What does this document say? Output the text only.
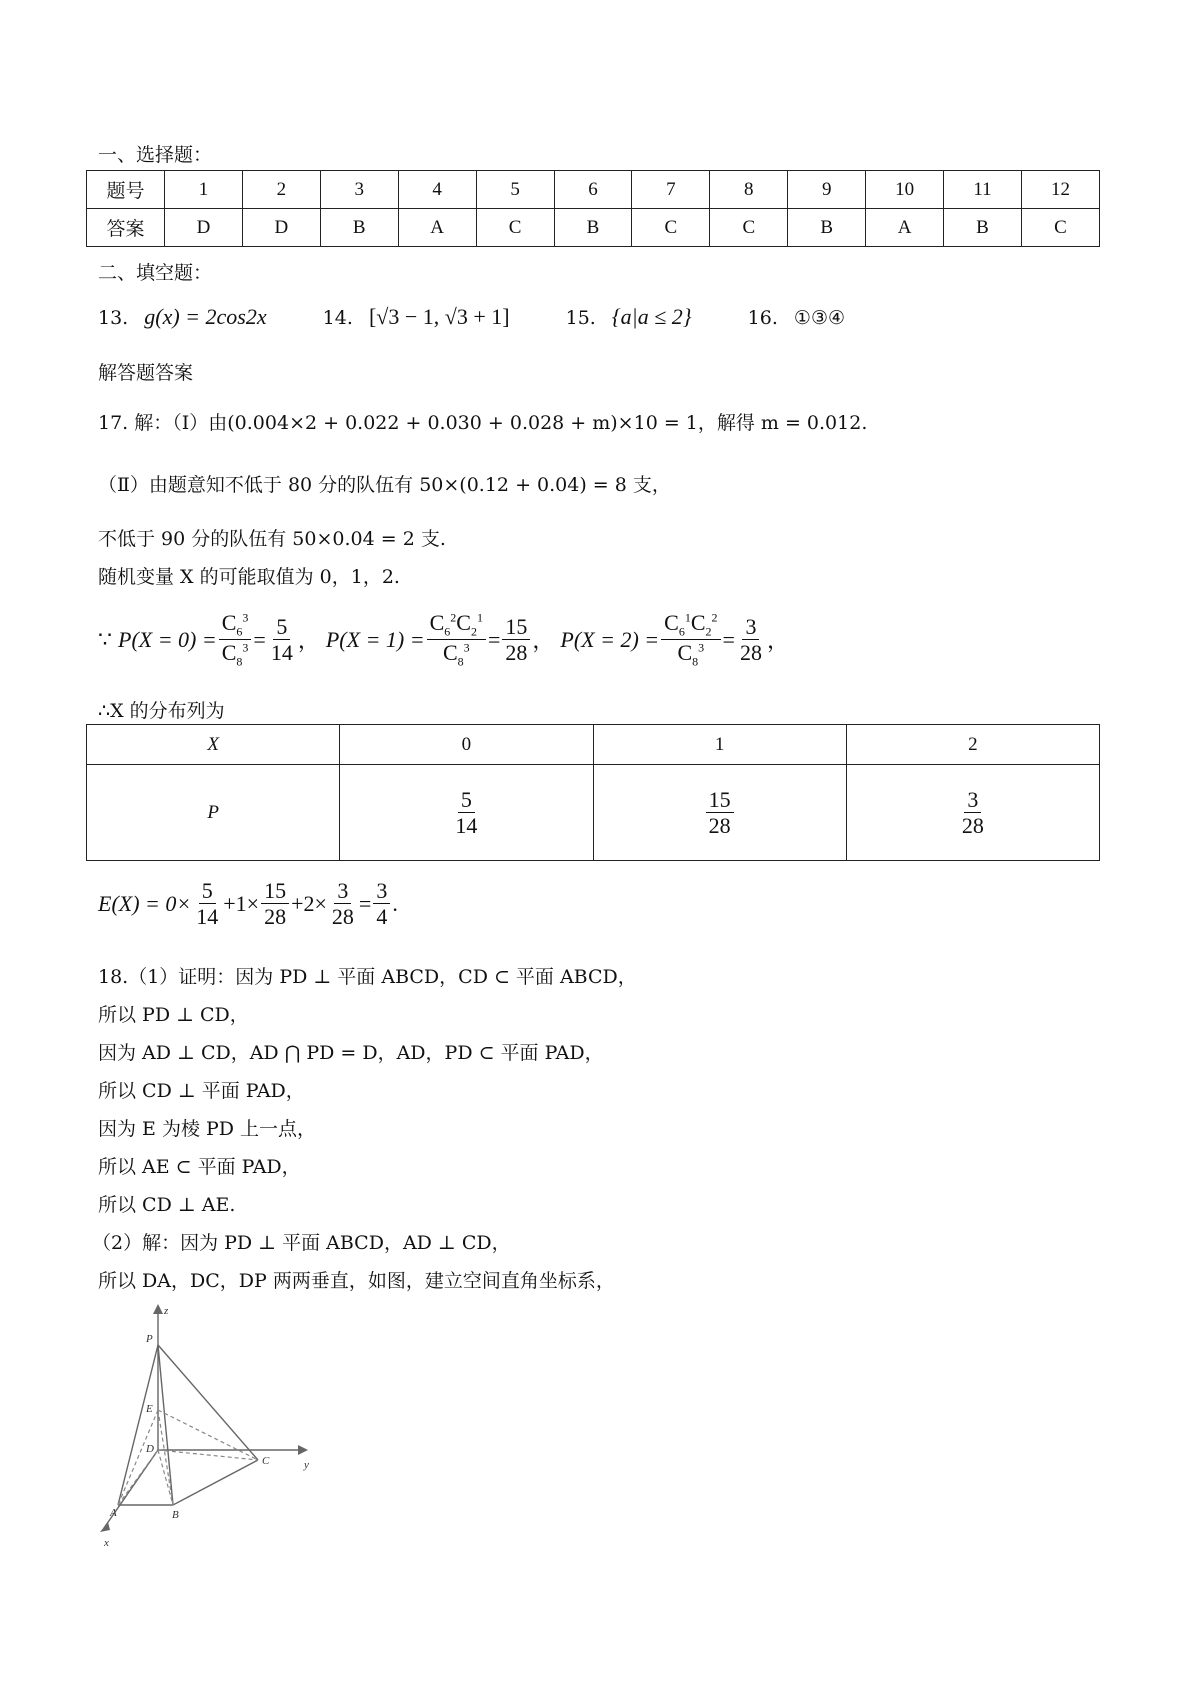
一、选择题：
题号	1	2	3	4	5	6	7	8	9	10	11	12
答案	D	D	B	A	C	B	C	C	B	A	B	C
二、填空题：
13. g(x) = 2cos2x	14. [√3 − 1, √3 + 1]	15. {a|a ≤ 2}	16. ①③④
解答题答案
17. 解：（Ⅰ）由(0.004×2 + 0.022 + 0.030 + 0.028 + m)×10 = 1，解得 m = 0.012.
（Ⅱ）由题意知不低于 80 分的队伍有 50×(0.12 + 0.04) = 8 支，
不低于 90 分的队伍有 50×0.04 = 2 支.
随机变量 X 的可能取值为 0，1，2.
∵ $P(X = 0) = \frac{C_6^3}{C_8^3} = \frac{5}{14}$ ， $P(X = 1) = \frac{C_6^2C_2^1}{C_8^3} = \frac{15}{28}$ ， $P(X = 2) = \frac{C_6^1C_2^2}{C_8^3} = \frac{3}{28}$ ，
∴X 的分布列为
X	0	1	2
P	$\frac{5}{14}$	$\frac{15}{28}$	$\frac{3}{28}$
$E(X) = 0\times \frac{5}{14} +1\times \frac{15}{28} +2\times \frac{3}{28} = \frac{3}{4}$ .
18.（1）证明：因为 PD ⊥ 平面 ABCD，CD ⊂ 平面 ABCD，
所以 PD ⊥ CD，
因为 AD ⊥ CD，AD ⋂ PD = D，AD，PD ⊂ 平面 PAD，
所以 CD ⊥ 平面 PAD，
因为 E 为棱 PD 上一点，
所以 AE ⊂ 平面 PAD，
所以 CD ⊥ AE.
（2）解：因为 PD ⊥ 平面 ABCD，AD ⊥ CD，
所以 DA，DC，DP 两两垂直，如图，建立空间直角坐标系，
z
y
x
P
E
D
C
A	B
